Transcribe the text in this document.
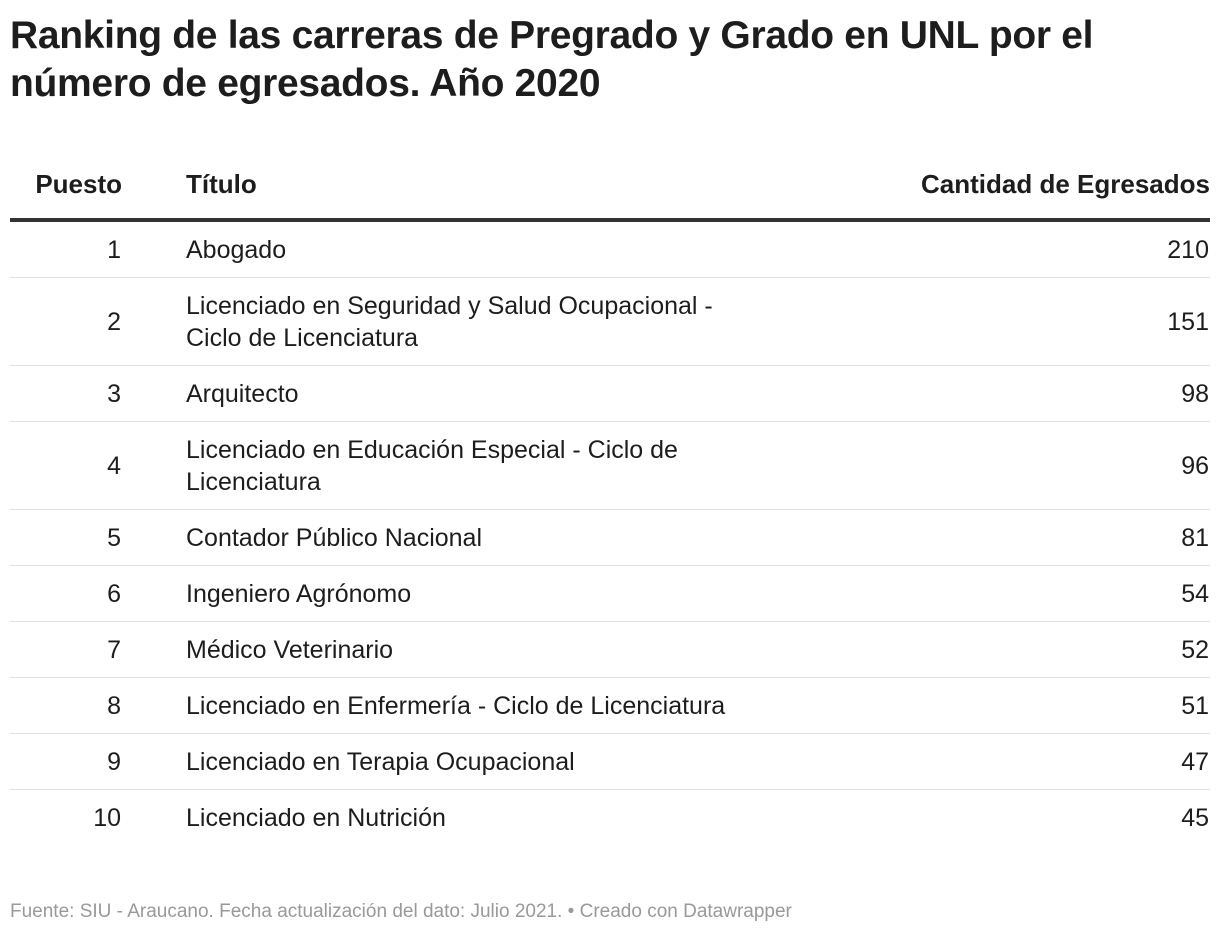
Ranking de las carreras de Pregrado y Grado en UNL por el número de egresados. Año 2020
Puesto	Título	Cantidad de Egresados
1	Abogado	210
2	Licenciado en Seguridad y Salud Ocupacional - Ciclo de Licenciatura	151
3	Arquitecto	98
4	Licenciado en Educación Especial - Ciclo de Licenciatura	96
5	Contador Público Nacional	81
6	Ingeniero Agrónomo	54
7	Médico Veterinario	52
8	Licenciado en Enfermería - Ciclo de Licenciatura	51
9	Licenciado en Terapia Ocupacional	47
10	Licenciado en Nutrición	45
Fuente: SIU - Araucano. Fecha actualización del dato: Julio 2021. • Creado con Datawrapper
